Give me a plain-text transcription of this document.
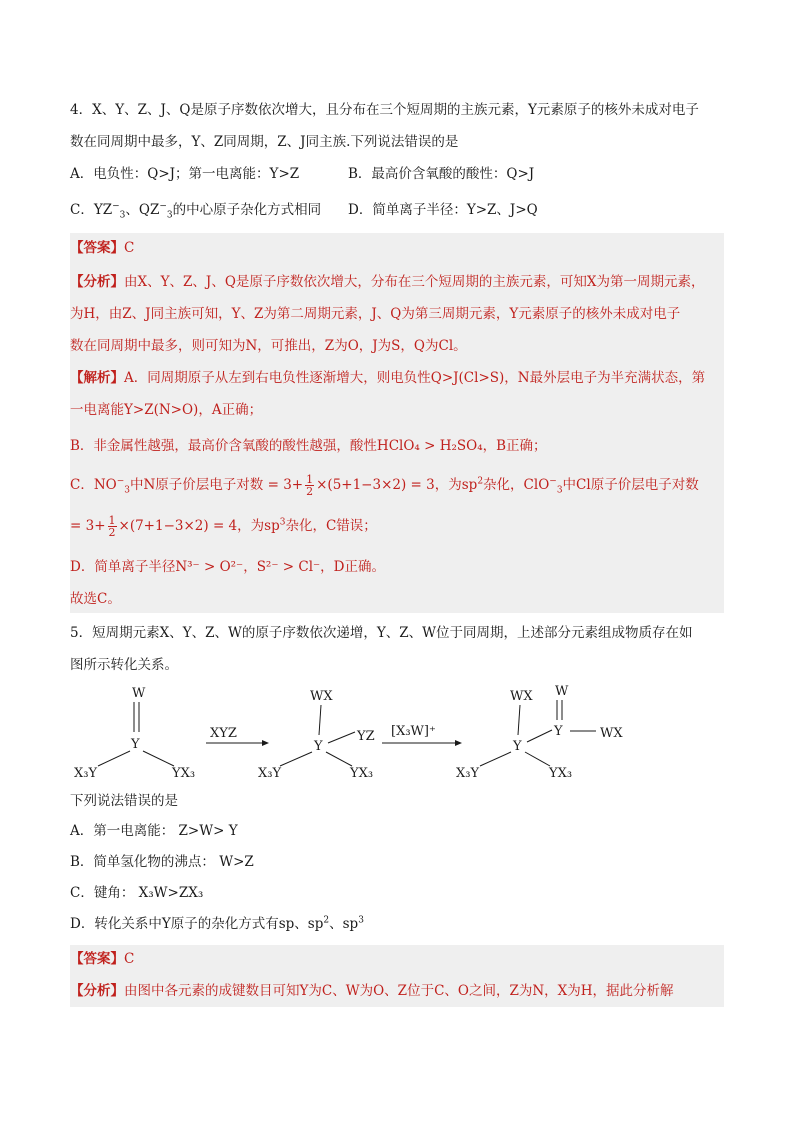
4．X、Y、Z、J、Q是原子序数依次增大，且分布在三个短周期的主族元素，Y元素原子的核外未成对电子
数在同周期中最多，Y、Z同周期，Z、J同主族.下列说法错误的是
A．电负性：Q>J；第一电离能：Y>Z	B．最高价含氧酸的酸性：Q>J
C．$YZ^-_3$、$QZ^-_3$的中心原子杂化方式相同 D．简单离子半径：Y>Z、J>Q
【答案】C
【分析】由X、Y、Z、J、Q是原子序数依次增大，分布在三个短周期的主族元素，可知X为第一周期元素，
为H，由Z、J同主族可知，Y、Z为第二周期元素，J、Q为第三周期元素，Y元素原子的核外未成对电子
数在同周期中最多，则可知为N，可推出，Z为O，J为S，Q为Cl。
【解析】A．同周期原子从左到右电负性逐渐增大，则电负性Q>J(Cl>S)，N最外层电子为半充满状态，第
一电离能Y>Z(N>O)，A正确；
B．非金属性越强，最高价含氧酸的酸性越强，酸性HClO₄ > H₂SO₄，B正确；
C．$NO^-_3$中N原子价层电子对数 = $3+ \frac{1}{2} \times(5+1-3\times 2) = 3$，为$sp^2$杂化，ClO−$_3$中Cl原子价层电子对数
= $3+ \frac{1}{2} \times(7+1-3\times 2) = 4$，为$sp^3$杂化，C错误；
D．简单离子半径N³⁻ > O²⁻，S²⁻ > Cl⁻，D正确。
故选C。
5．短周期元素X、Y、Z、W的原子序数依次递增，Y、Z、W位于同周期，上述部分元素组成物质存在如
图所示转化关系。
W
Y
X₃Y	YX₃
XYZ
WX
Y
YZ
X₃Y	YX₃
[X₃W]⁺
WX
Y
W
Y	WX
X₃Y	YX₃
下列说法错误的是
A．第一电离能： Z>W> Y
B．简单氢化物的沸点： W>Z
C．键角： X₃W>ZX₃
D．转化关系中Y原子的杂化方式有sp、$sp^2$、$sp^3$
【答案】C
【分析】由图中各元素的成键数目可知Y为C、W为O、Z位于C、O之间，Z为N，X为H，据此分析解
